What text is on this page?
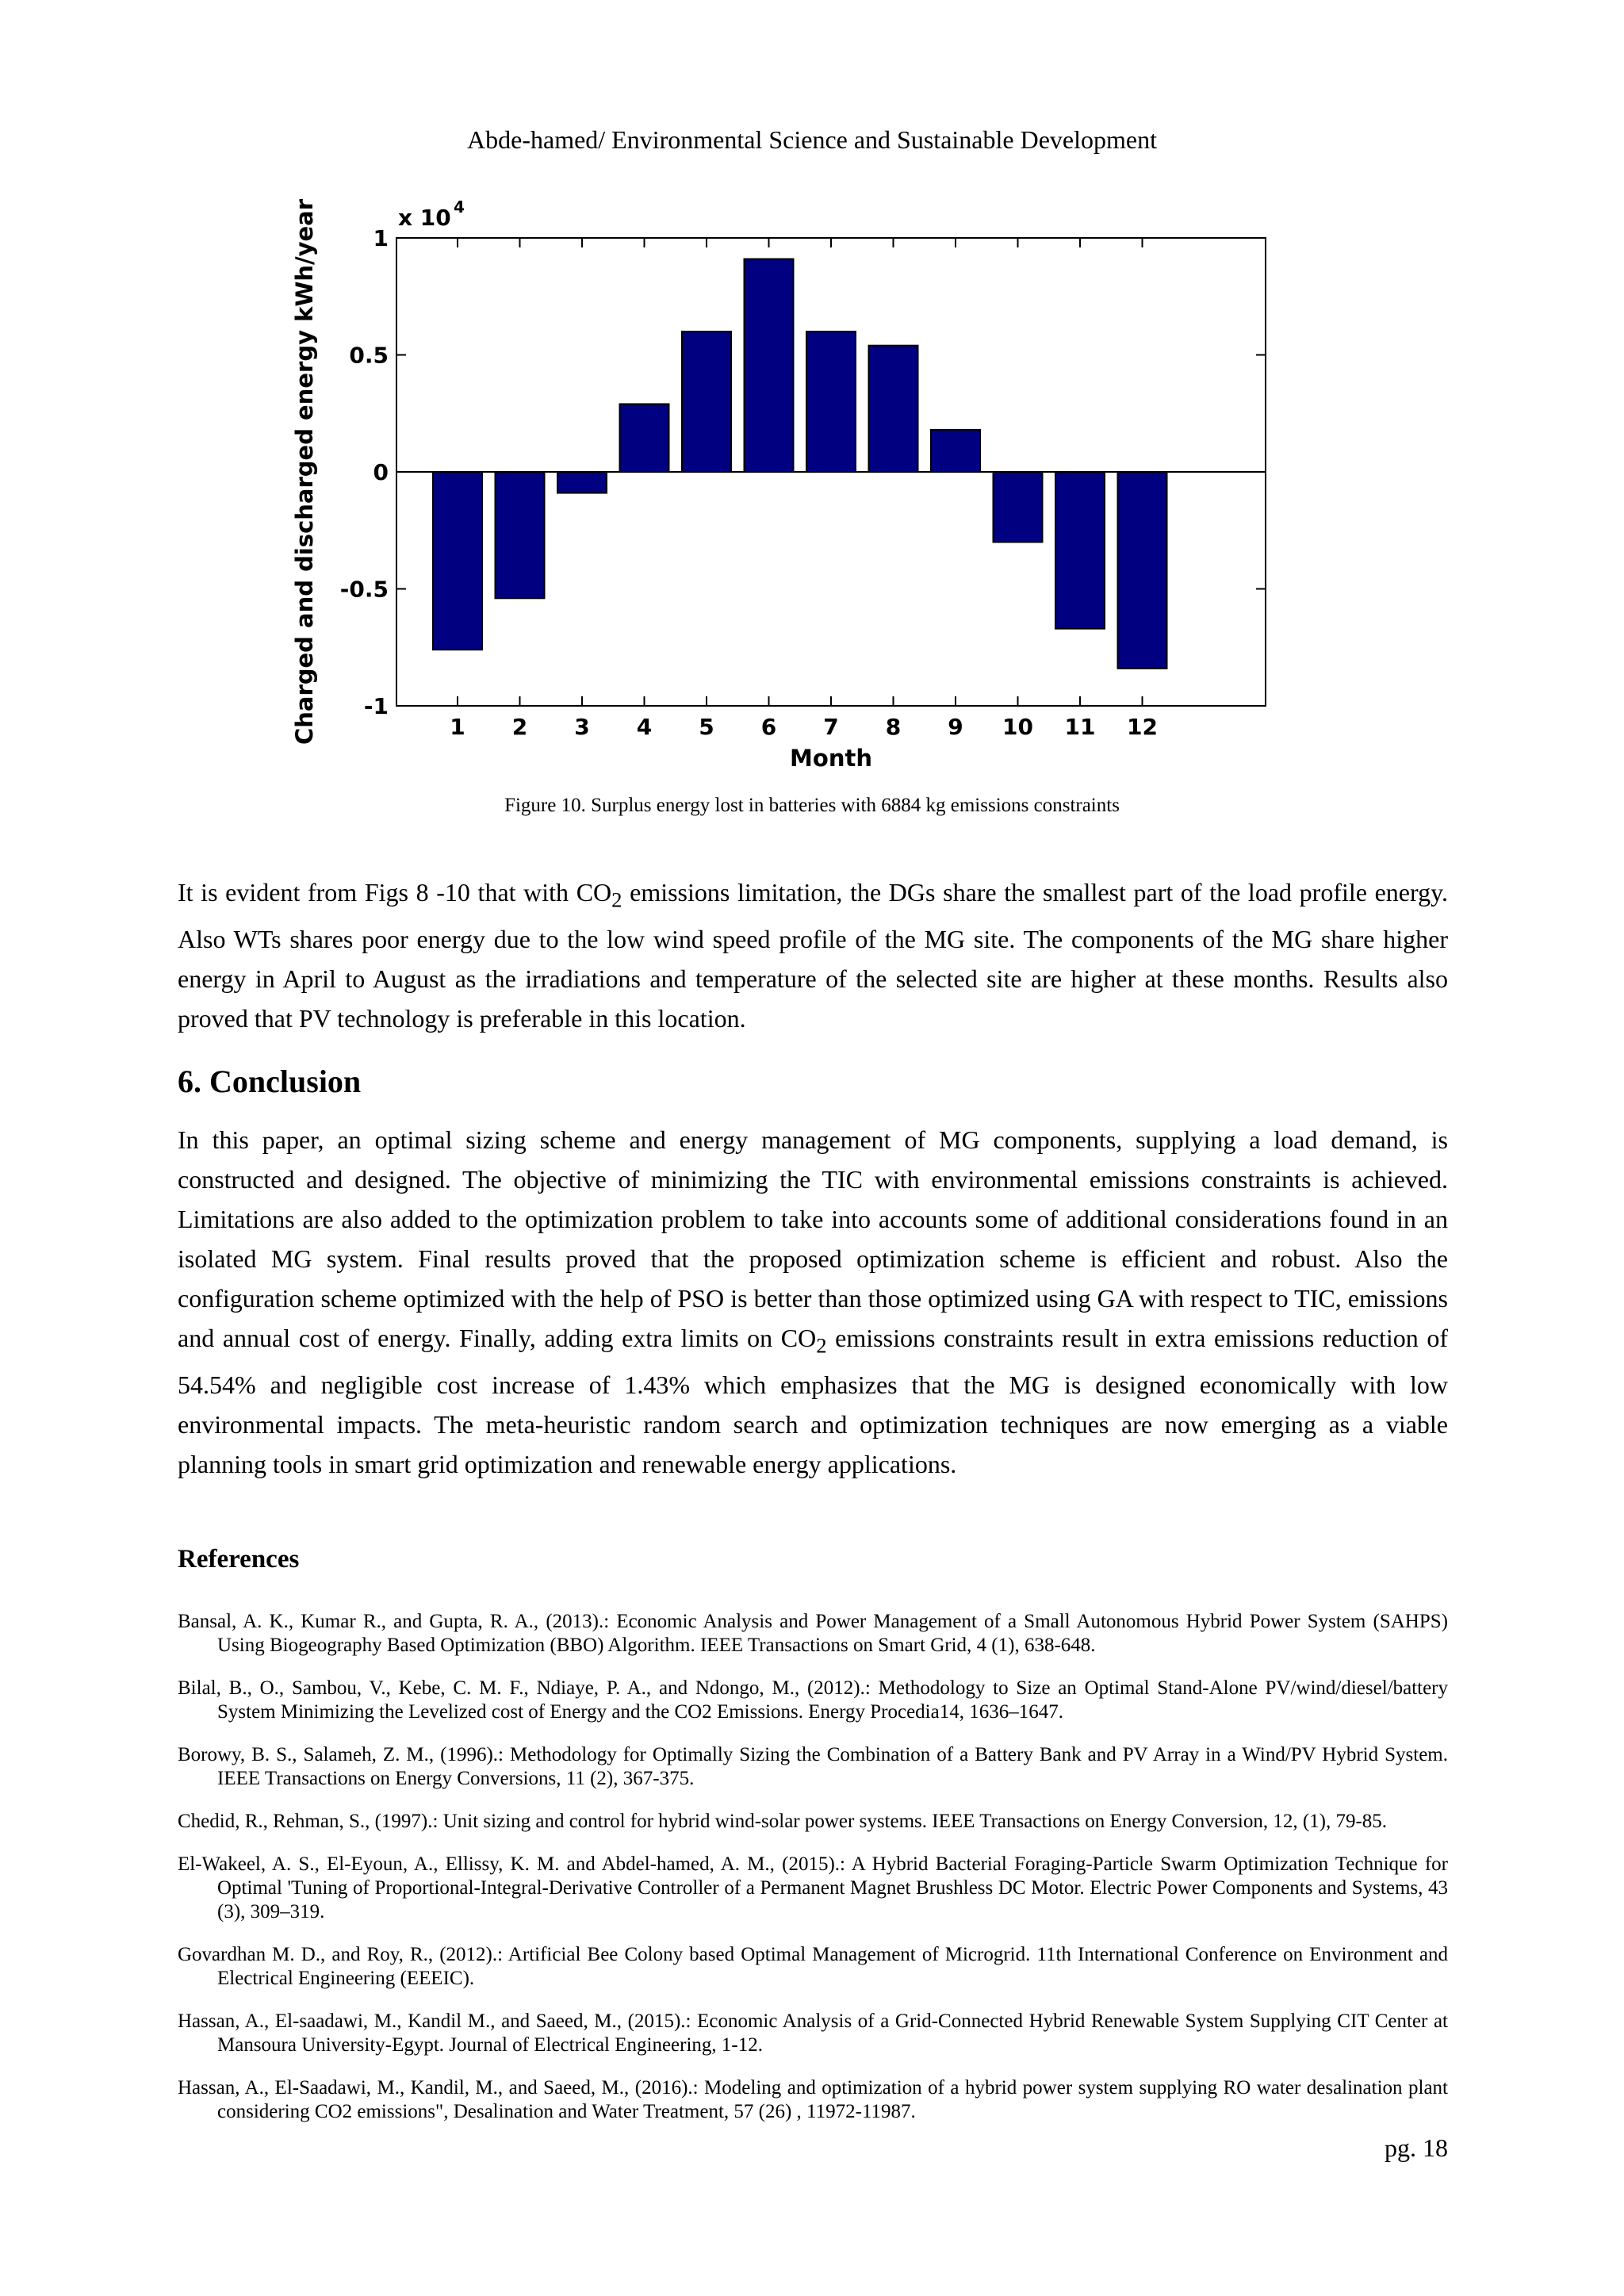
Abde-hamed/ Environmental Science and Sustainable Development
-1
-0.5
0
0.5
1
1 2 3 4 5 6 7 8 9 10 11 12
Month
Charged and discharged energy kWh/year	x 10 4
Figure 10. Surplus energy lost in batteries with 6884 kg emissions constraints

It is evident from Figs 8 -10 that with $CO_2$ emissions limitation, the DGs share the smallest part of the load profile energy. Also WTs shares poor energy due to the low wind speed profile of the MG site. The components of the MG share higher energy in April to August as the irradiations and temperature of the selected site are higher at these months. Results also proved that PV technology is preferable in this location.

6. Conclusion

In this paper, an optimal sizing scheme and energy management of MG components, supplying a load demand, is constructed and designed. The objective of minimizing the TIC with environmental emissions constraints is achieved. Limitations are also added to the optimization problem to take into accounts some of additional considerations found in an isolated MG system. Final results proved that the proposed optimization scheme is efficient and robust. Also the configuration scheme optimized with the help of PSO is better than those optimized using GA with respect to TIC, emissions and annual cost of energy. Finally, adding extra limits on $CO_2$ emissions constraints result in extra emissions reduction of 54.54% and negligible cost increase of 1.43% which emphasizes that the MG is designed economically with low environmental impacts. The meta-heuristic random search and optimization techniques are now emerging as a viable planning tools in smart grid optimization and renewable energy applications.

References
Bansal, A. K., Kumar R., and Gupta, R. A., (2013).: Economic Analysis and Power Management of a Small Autonomous Hybrid Power System (SAHPS) Using Biogeography Based Optimization (BBO) Algorithm. IEEE Transactions on Smart Grid, 4 (1), 638-648.
Bilal, B., O., Sambou, V., Kebe, C. M. F., Ndiaye, P. A., and Ndongo, M., (2012).: Methodology to Size an Optimal Stand-Alone PV/wind/diesel/battery System Minimizing the Levelized cost of Energy and the CO2 Emissions. Energy Procedia14, 1636–1647.
Borowy, B. S., Salameh, Z. M., (1996).: Methodology for Optimally Sizing the Combination of a Battery Bank and PV Array in a Wind/PV Hybrid System. IEEE Transactions on Energy Conversions, 11 (2), 367-375.
Chedid, R., Rehman, S., (1997).: Unit sizing and control for hybrid wind-solar power systems. IEEE Transactions on Energy Conversion, 12, (1), 79-85.
El-Wakeel, A. S., El-Eyoun, A., Ellissy, K. M. and Abdel-hamed, A. M., (2015).: A Hybrid Bacterial Foraging-Particle Swarm Optimization Technique for Optimal 'Tuning of Proportional-Integral-Derivative Controller of a Permanent Magnet Brushless DC Motor. Electric Power Components and Systems, 43 (3), 309–319.
Govardhan M. D., and Roy, R., (2012).: Artificial Bee Colony based Optimal Management of Microgrid. 11th International Conference on Environment and Electrical Engineering (EEEIC).
Hassan, A., El-saadawi, M., Kandil M., and Saeed, M., (2015).: Economic Analysis of a Grid-Connected Hybrid Renewable System Supplying CIT Center at Mansoura University-Egypt. Journal of Electrical Engineering, 1-12.
Hassan, A., El-Saadawi, M., Kandil, M., and Saeed, M., (2016).: Modeling and optimization of a hybrid power system supplying RO water desalination plant considering CO2 emissions", Desalination and Water Treatment, 57 (26) , 11972-11987.
pg. 18
